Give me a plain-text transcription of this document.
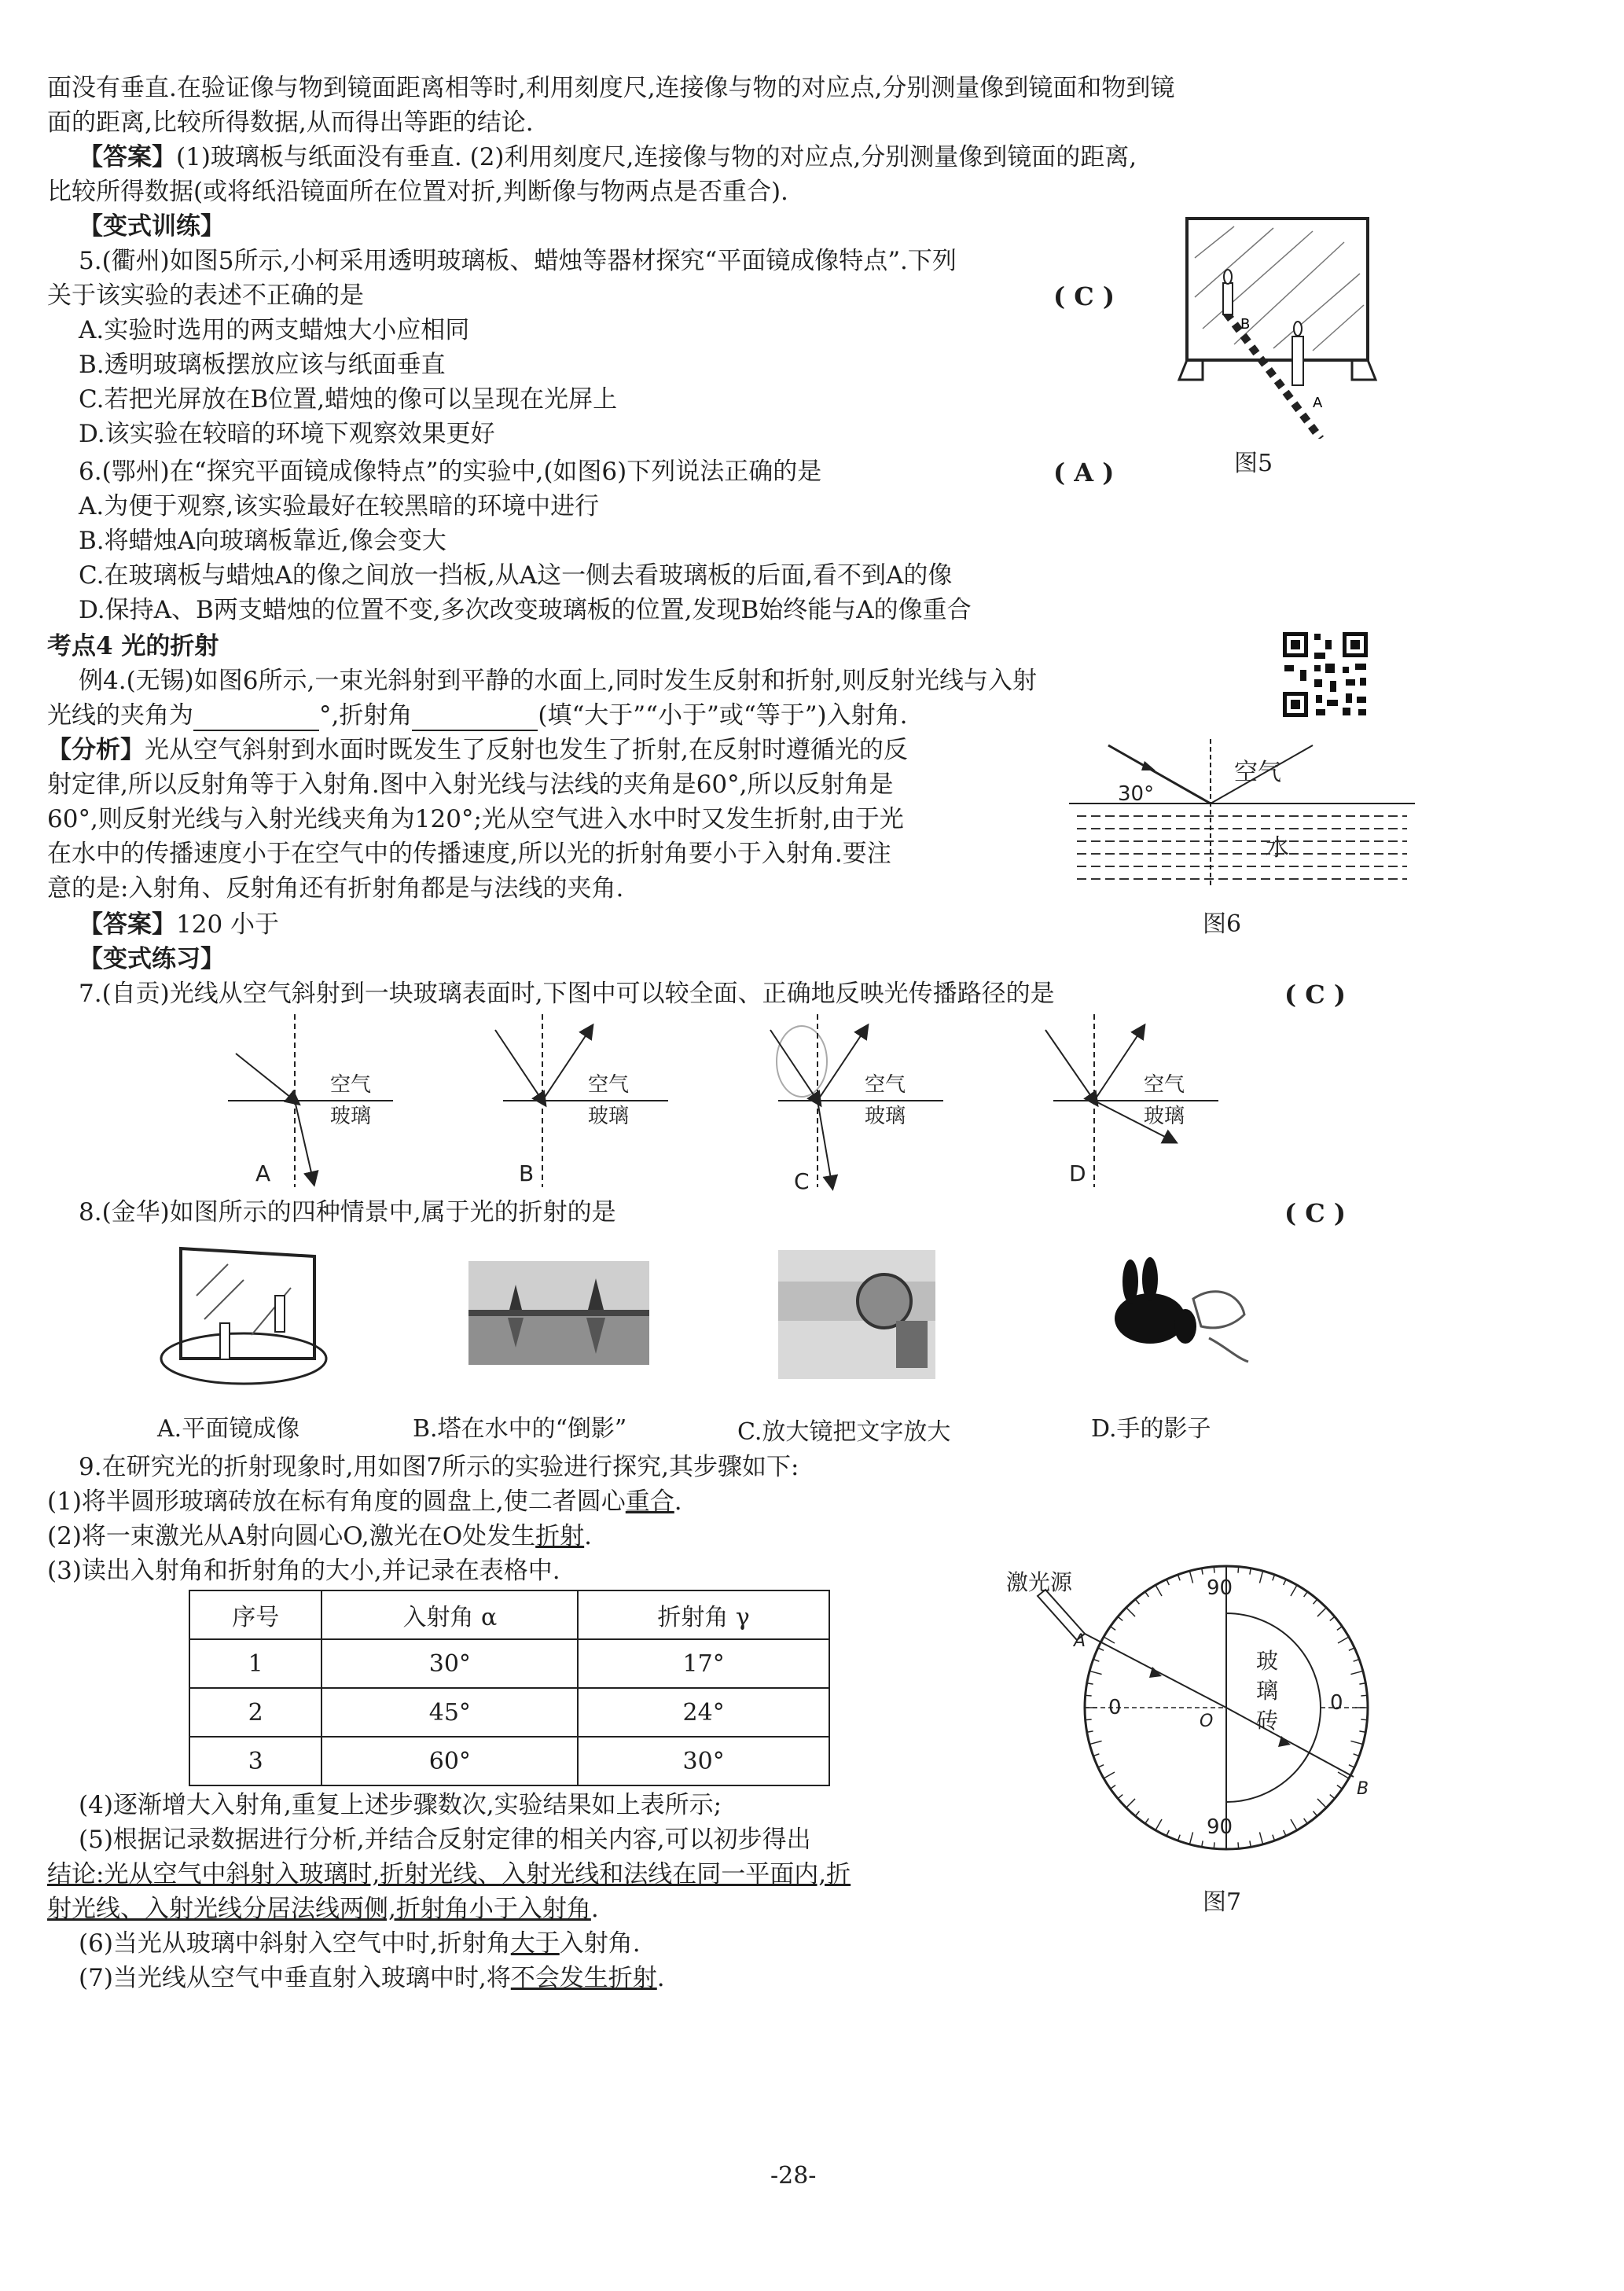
面没有垂直.在验证像与物到镜面距离相等时,利用刻度尺,连接像与物的对应点,分别测量像到镜面和物到镜
面的距离,比较所得数据,从而得出等距的结论.
【答案】(1)玻璃板与纸面没有垂直. (2)利用刻度尺,连接像与物的对应点,分别测量像到镜面的距离,
比较所得数据(或将纸沿镜面所在位置对折,判断像与物两点是否重合).
【变式训练】
5.(衢州)如图5所示,小柯采用透明玻璃板、蜡烛等器材探究“平面镜成像特点”.下列
关于该实验的表述不正确的是	( C )
A.实验时选用的两支蜡烛大小应相同
B.透明玻璃板摆放应该与纸面垂直
C.若把光屏放在B位置,蜡烛的像可以呈现在光屏上
D.该实验在较暗的环境下观察效果更好
B
A
图5
6.(鄂州)在“探究平面镜成像特点”的实验中,(如图6)下列说法正确的是	( A )
A.为便于观察,该实验最好在较黑暗的环境中进行
B.将蜡烛A向玻璃板靠近,像会变大
C.在玻璃板与蜡烛A的像之间放一挡板,从A这一侧去看玻璃板的后面,看不到A的像
D.保持A、B两支蜡烛的位置不变,多次改变玻璃板的位置,发现B始终能与A的像重合
考点4 光的折射
例4.(无锡)如图6所示,一束光斜射到平静的水面上,同时发生反射和折射,则反射光线与入射
光线的夹角为	°,折射角	(填“大于”“小于”或“等于”)入射角.
【分析】光从空气斜射到水面时既发生了反射也发生了折射,在反射时遵循光的反
射定律,所以反射角等于入射角.图中入射光线与法线的夹角是60°,所以反射角是
60°,则反射光线与入射光线夹角为120°;光从空气进入水中时又发生折射,由于光
在水中的传播速度小于在空气中的传播速度,所以光的折射角要小于入射角.要注
意的是:入射角、反射角还有折射角都是与法线的夹角.
【答案】120 小于
30°
空气
水
图6
【变式练习】
7.(自贡)光线从空气斜射到一块玻璃表面时,下图中可以较全面、正确地反映光传播路径的是	( C )
空气
玻璃
A
空气
玻璃
B
空气
玻璃
C
空气
玻璃
D
8.(金华)如图所示的四种情景中,属于光的折射的是	( C )
A.平面镜成像	B.塔在水中的“倒影”	C.放大镜把文字放大	D.手的影子
9.在研究光的折射现象时,用如图7所示的实验进行探究,其步骤如下:
(1)将半圆形玻璃砖放在标有角度的圆盘上,使二者圆心重合.
(2)将一束激光从A射向圆心O,激光在O处发生折射.
(3)读出入射角和折射角的大小,并记录在表格中.
序号	入射角 α	折射角 γ
1	30°	17°
2	45°	24°
3	60°	30°
(4)逐渐增大入射角,重复上述步骤数次,实验结果如上表所示;
(5)根据记录数据进行分析,并结合反射定律的相关内容,可以初步得出
结论:光从空气中斜射入玻璃时,折射光线、入射光线和法线在同一平面内,折
射光线、入射光线分居法线两侧,折射角小于入射角.
(6)当光从玻璃中斜射入空气中时,折射角大于入射角.
(7)当光线从空气中垂直射入玻璃中时,将不会发生折射.
激光源	90
90
0	0
A
B
O
玻
璃
砖
图7
-28-
